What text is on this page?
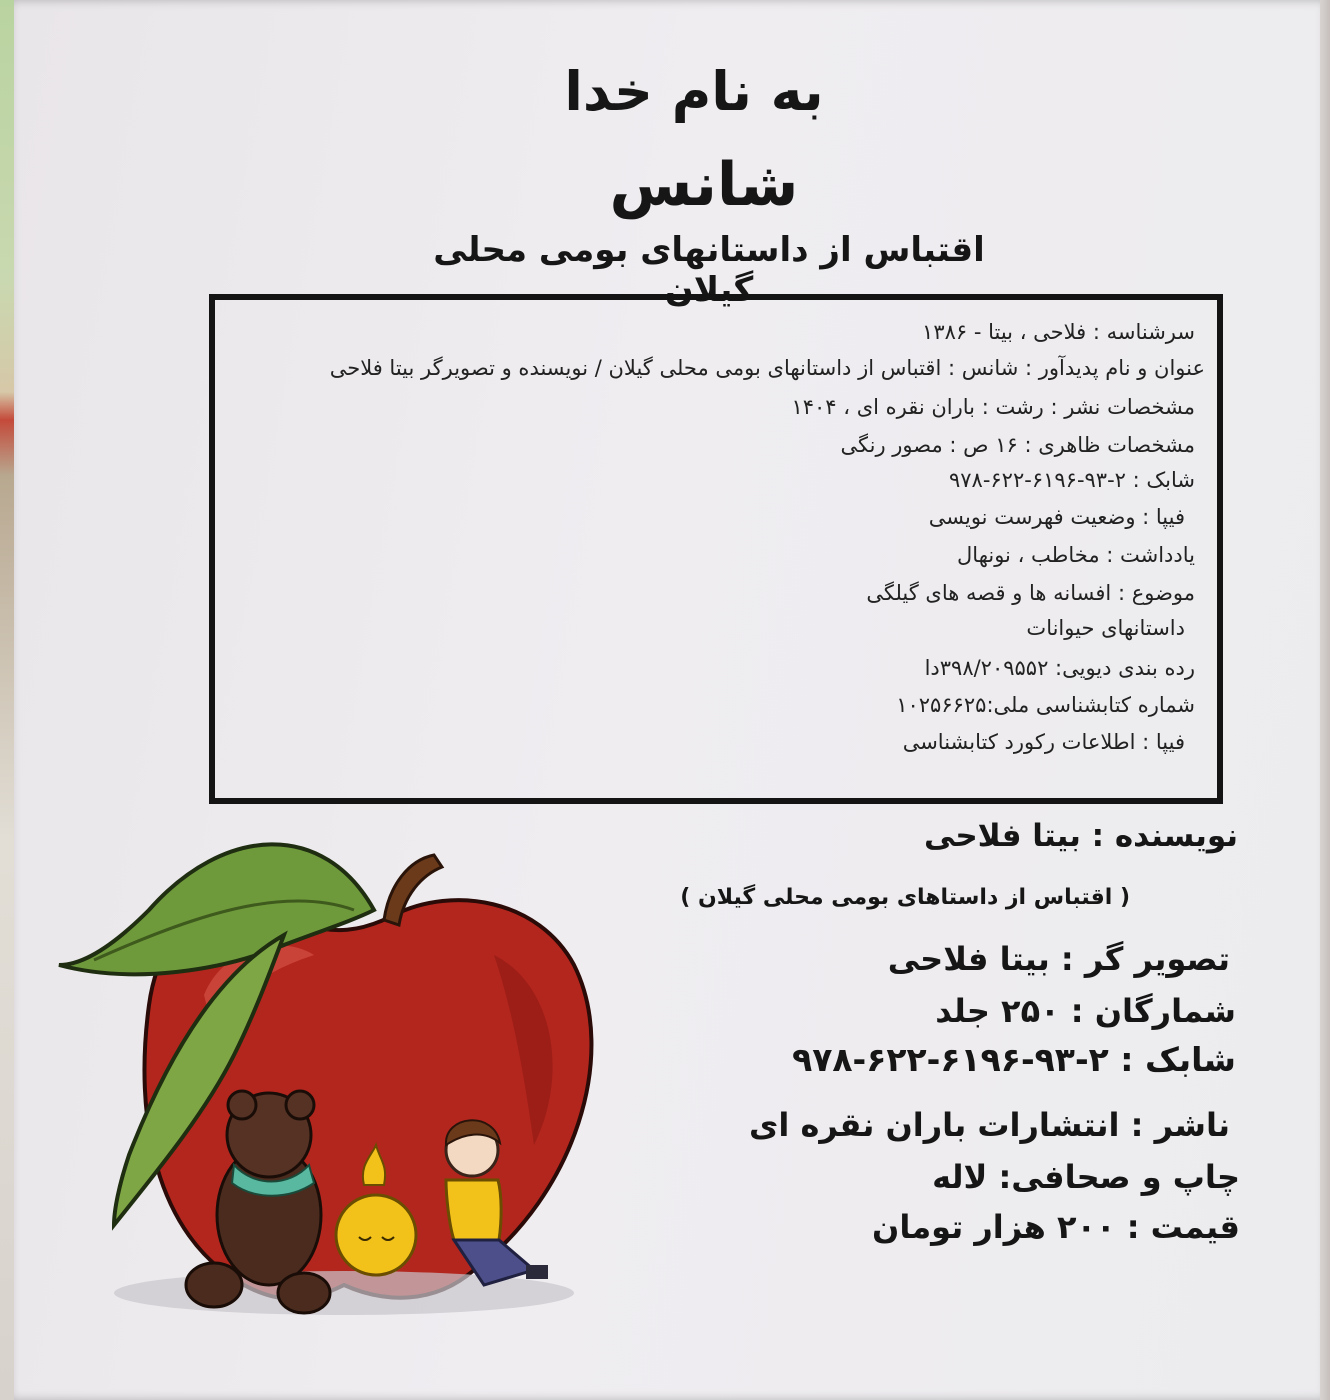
به نام خدا
شانس
اقتباس از داستانهای بومی محلی گیلان
سرشناسه : فلاحی ، بیتا - ۱۳۸۶
عنوان و نام پدیدآور : شانس : اقتباس از داستانهای بومی محلی گیلان / نویسنده و تصویرگر بیتا فلاحی
مشخصات نشر : رشت : باران نقره ای ، ۱۴۰۴
مشخصات ظاهری : ۱۶ ص : مصور رنگی
شابک : ۲-۹۳-۶۱۹۶-۶۲۲-۹۷۸
فیپا : وضعیت فهرست نویسی
یادداشت : مخاطب ، نونهال
موضوع : افسانه ها و قصه های گیلگی
داستانهای حیوانات
رده بندی دیویی: ۳۹۸/۲۰۹۵۵۲دا
شماره کتابشناسی ملی:۱۰۲۵۶۶۲۵
فیپا : اطلاعات رکورد کتابشناسی
نویسنده : بیتا فلاحی
( اقتباس از داستاهای بومی محلی گیلان )
تصویر گر : بیتا فلاحی
شمارگان : ۲۵۰ جلد
شابک : ۲-۹۳-۶۱۹۶-۶۲۲-۹۷۸
ناشر : انتشارات باران نقره ای
چاپ و صحافی: لاله
قیمت : ۲۰۰ هزار تومان
